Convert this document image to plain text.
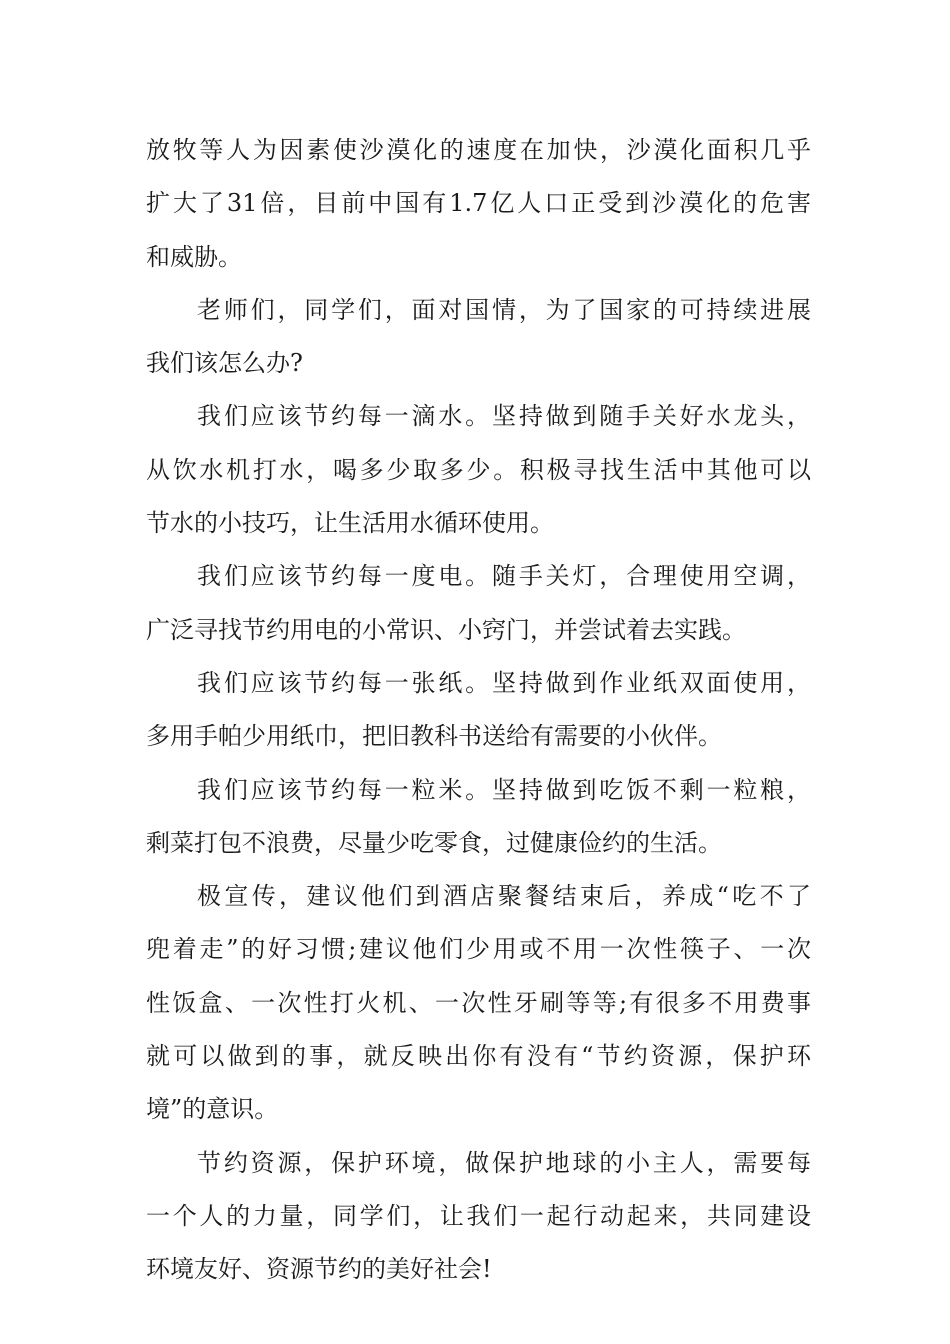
放牧等人为因素使沙漠化的速度在加快，沙漠化面积几乎
扩大了31倍，目前中国有1.7亿人口正受到沙漠化的危害
和威胁。
老师们，同学们，面对国情，为了国家的可持续进展
我们该怎么办?
我们应该节约每一滴水。坚持做到随手关好水龙头，
从饮水机打水，喝多少取多少。积极寻找生活中其他可以
节水的小技巧，让生活用水循环使用。
我们应该节约每一度电。随手关灯，合理使用空调，
广泛寻找节约用电的小常识、小窍门，并尝试着去实践。
我们应该节约每一张纸。坚持做到作业纸双面使用，
多用手帕少用纸巾，把旧教科书送给有需要的小伙伴。
我们应该节约每一粒米。坚持做到吃饭不剩一粒粮，
剩菜打包不浪费，尽量少吃零食，过健康俭约的生活。
极宣传，建议他们到酒店聚餐结束后，养成“吃不了
兜着走”的好习惯;建议他们少用或不用一次性筷子、一次
性饭盒、一次性打火机、一次性牙刷等等;有很多不用费事
就可以做到的事，就反映出你有没有“节约资源，保护环
境”的意识。
节约资源，保护环境，做保护地球的小主人，需要每
一个人的力量，同学们，让我们一起行动起来，共同建设
环境友好、资源节约的美好社会!
